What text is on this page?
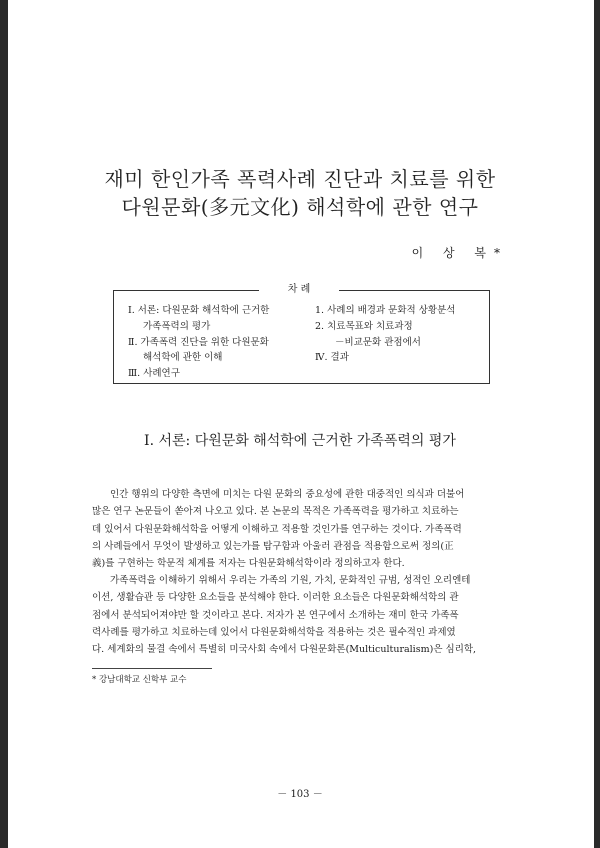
재미 한인가족 폭력사례 진단과 치료를 위한
다원문화(多元文化) 해석학에 관한 연구
이 상 복*
차 례
Ⅰ. 서론: 다원문화 해석학에 근거한
가족폭력의 평가
Ⅱ. 가족폭력 진단을 위한 다원문화
해석학에 관한 이해
Ⅲ. 사례연구
1. 사례의 배경과 문화적 상황분석
2. 치료목표와 치료과정
－비교문화 관점에서
Ⅳ. 결과
Ⅰ. 서론: 다원문화 해석학에 근거한 가족폭력의 평가

인간 행위의 다양한 측면에 미치는 다원 문화의 중요성에 관한 대중적인 의식과 더불어

많은 연구 논문들이 쏟아져 나오고 있다. 본 논문의 목적은 가족폭력을 평가하고 치료하는

데 있어서 다원문화해석학을 어떻게 이해하고 적용할 것인가를 연구하는 것이다. 가족폭력

의 사례들에서 무엇이 발생하고 있는가를 탐구함과 아울러 관점을 적용함으로써 정의(正

義)를 구현하는 학문적 체계를 저자는 다원문화해석학이라 정의하고자 한다.

가족폭력을 이해하기 위해서 우리는 가족의 기원, 가치, 문화적인 규범, 성적인 오리엔테

이션, 생활습관 등 다양한 요소들을 분석해야 한다. 이러한 요소들은 다원문화해석학의 관

점에서 분석되어져야만 할 것이라고 본다. 저자가 본 연구에서 소개하는 재미 한국 가족폭

력사례를 평가하고 치료하는데 있어서 다원문화해석학을 적용하는 것은 필수적인 과제였

다. 세계화의 물결 속에서 특별히 미국사회 속에서 다원문화론(Multiculturalism)은 심리학,

* 강남대학교 신학부 교수
－ 103 －
